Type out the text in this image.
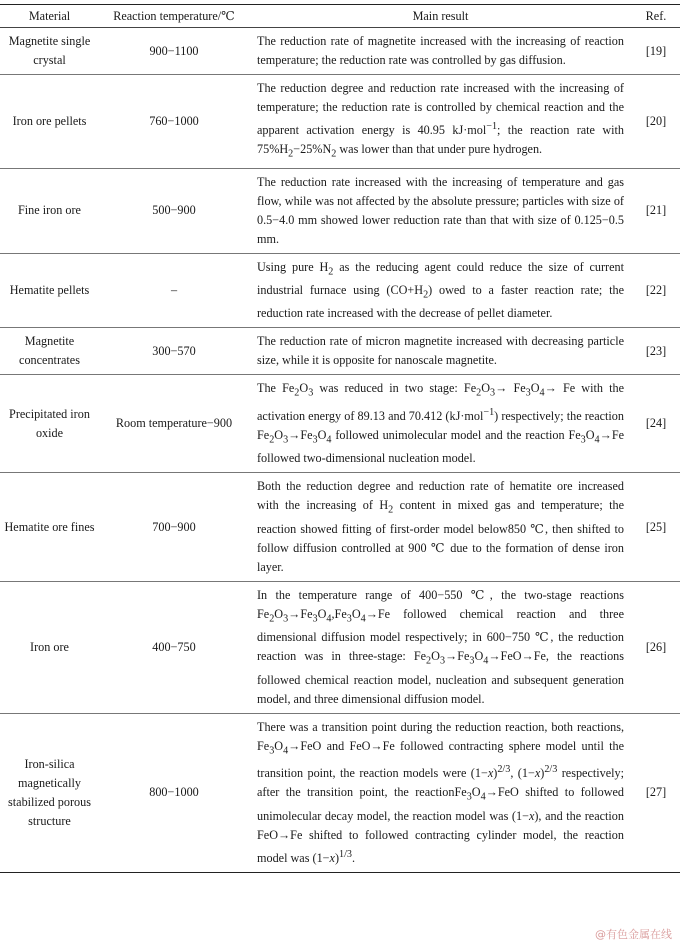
Material	Reaction temperature/℃	Main result	Ref.
Magnetite single crystal	900−1100	The reduction rate of magnetite increased with the increasing of reaction temperature; the reduction rate was controlled by gas diffusion.	[19]
Iron ore pellets	760−1000	The reduction degree and reduction rate increased with the increasing of temperature; the reduction rate is controlled by chemical reaction and the apparent activation energy is 40.95 kJ·mol$^{-1}$; the reaction rate with $75\%H_2-25\%N_2$ was lower than that under pure hydrogen.	[20]
Fine iron ore	500−900	The reduction rate increased with the increasing of temperature and gas flow, while was not affected by the absolute pressure; particles with size of 0.5−4.0 mm showed lower reduction rate than that with size of 0.125−0.5 mm.	[21]
Hematite pellets	–	Using pure $H_2$ as the reducing agent could reduce the size of current industrial furnace using $(CO+H_2)$ owed to a faster reaction rate; the reduction rate increased with the decrease of pellet diameter.	[22]
Magnetite concentrates	300−570	The reduction rate of micron magnetite increased with decreasing particle size, while it is opposite for nanoscale magnetite.	[23]
Precipitated iron oxide	Room temperature−900	The $Fe_2O_3$ was reduced in two stage: $Fe_2O_3\to Fe_3O_4\to Fe$ with the activation energy of 89.13 and 70.412 (kJ·mol$^{-1}$) respectively; the reaction $Fe_2O_3\to Fe_3O_4$ followed unimolecular model and the reaction $Fe_3O_4\to Fe$ followed two-dimensional nucleation model.	[24]
Hematite ore fines	700−900	Both the reduction degree and reduction rate of hematite ore increased with the increasing of $H_2$ content in mixed gas and temperature; the reaction showed fitting of first-order model below850 ℃, then shifted to follow diffusion controlled at 900 ℃ due to the formation of dense iron layer.	[25]
Iron ore	400−750	In the temperature range of 400−550 ℃, the two-stage reactions $Fe_2O_3\to Fe_3O_4,Fe_3O_4\to Fe$ followed chemical reaction and three dimensional diffusion model respectively; in 600−750 ℃, the reduction reaction was in three-stage: $Fe_2O_3\to Fe_3O_4\to FeO\to Fe$, the reactions followed chemical reaction model, nucleation and subsequent generation model, and three dimensional diffusion model.	[26]
Iron-silica magnetically stabilized porous structure	800−1000	There was a transition point during the reduction reaction, both reactions, $Fe_3O_4\to FeO$ and FeO→Fe followed contracting sphere model until the transition point, the reaction models were $(1-x)^{2/3}$, $(1-x)^{2/3}$ respectively; after the transition point, the $reactionFe_3O_4\to FeO$ shifted to followed unimolecular decay model, the reaction model was (1−x), and the reaction FeO→Fe shifted to followed contracting cylinder model, the reaction model was $(1-x)^{1/3}$.	[27]
@有色金属在线
